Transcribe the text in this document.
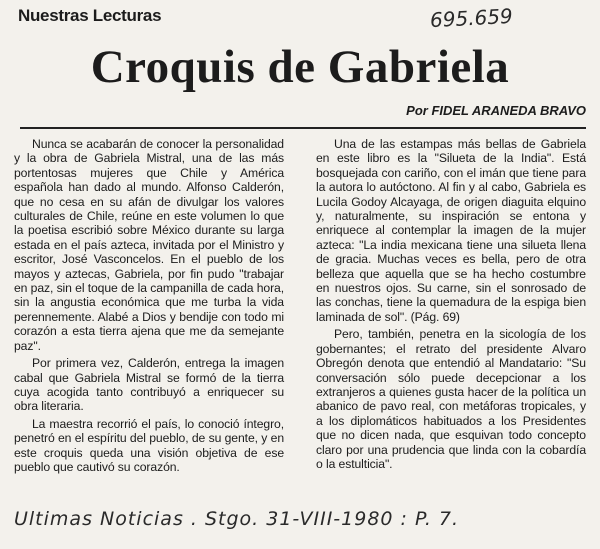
Nuestras Lecturas	695.659
Croquis de Gabriela
Por FIDEL ARANEDA BRAVO

Nunca se acabarán de conocer la personalidad y la obra de Gabriela Mistral, una de las más portentosas mujeres que Chile y América española han dado al mundo. Alfonso Calderón, que no cesa en su afán de divulgar los valores culturales de Chile, reúne en este volumen lo que la poetisa escribió sobre México durante su larga estada en el país azteca, invitada por el Ministro y escritor, José Vasconcelos. En el pueblo de los mayos y aztecas, Gabriela, por fin pudo "trabajar en paz, sin el toque de la campanilla de cada hora, sin la angustia económica que me turba la vida perennemente. Alabé a Dios y bendije con todo mi corazón a esta tierra ajena que me da semejante paz".

Por primera vez, Calderón, entrega la imagen cabal que Gabriela Mistral se formó de la tierra cuya acogida tanto contribuyó a enriquecer su obra literaria.

La maestra recorrió el país, lo conoció íntegro, penetró en el espíritu del pueblo, de su gente, y en este croquis queda una visión objetiva de ese pueblo que cautivó su corazón.

Una de las estampas más bellas de Gabriela en este libro es la "Silueta de la India". Está bosquejada con cariño, con el imán que tiene para la autora lo autóctono. Al fin y al cabo, Gabriela es Lucila Godoy Alcayaga, de origen diaguita elquino y, naturalmente, su inspiración se entona y enriquece al contemplar la imagen de la mujer azteca: "La india mexicana tiene una silueta llena de gracia. Muchas veces es bella, pero de otra belleza que aquella que se ha hecho costumbre en nuestros ojos. Su carne, sin el sonrosado de las conchas, tiene la quemadura de la espiga bien laminada de sol". (Pág. 69)

Pero, también, penetra en la sicología de los gobernantes; el retrato del presidente Alvaro Obregón denota que entendió al Mandatario: "Su conversación sólo puede decepcionar a los extranjeros a quienes gusta hacer de la política un abanico de pavo real, con metáforas tropicales, y a los diplomáticos habituados a los Presidentes que no dicen nada, que esquivan todo concepto claro por una prudencia que linda con la cobardía o la estulticia".

Ultimas Noticias . Stgo. 31-VIII-1980 : P. 7.
